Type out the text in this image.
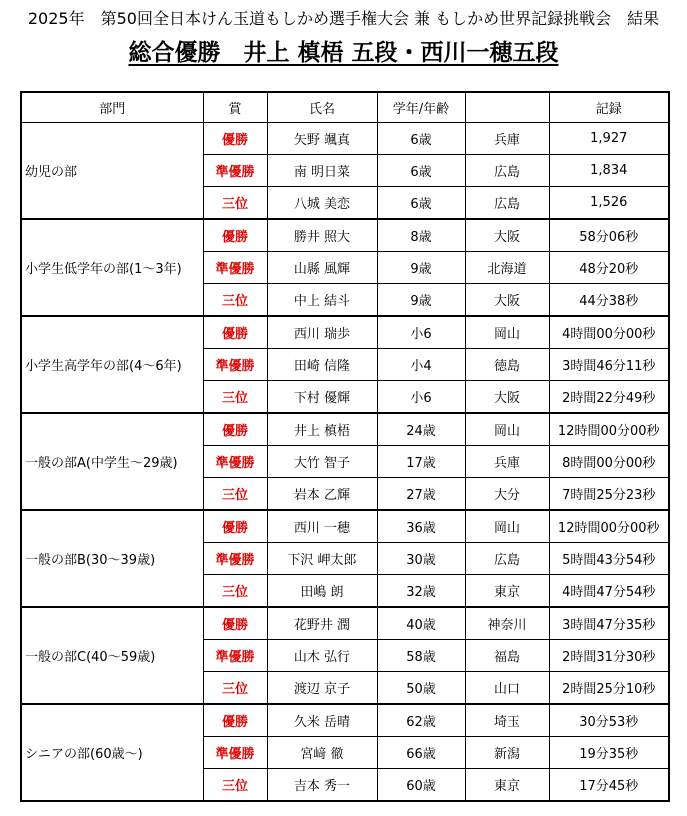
2025年　第50回全日本けん玉道もしかめ選手権大会 兼 もしかめ世界記録挑戦会　結果
総合優勝　井上 槙梧 五段・西川一穂五段
部門	賞	氏名	学年/年齢		記録
幼児の部	優勝	矢野 颯真	6歳	兵庫	1,927
	準優勝	南 明日菜	6歳	広島	1,834
	三位	八城 美恋	6歳	広島	1,526
小学生低学年の部(1～3年)	優勝	勝井 照大	8歳	大阪	58分06秒
	準優勝	山縣 風輝	9歳	北海道	48分20秒
	三位	中上 結斗	9歳	大阪	44分38秒
小学生高学年の部(4～6年)	優勝	西川 瑞歩	小6	岡山	4時間00分00秒
	準優勝	田崎 信隆	小4	徳島	3時間46分11秒
	三位	下村 優輝	小6	大阪	2時間22分49秒
一般の部A(中学生～29歳)	優勝	井上 槙梧	24歳	岡山	12時間00分00秒
	準優勝	大竹 智子	17歳	兵庫	8時間00分00秒
	三位	岩本 乙輝	27歳	大分	7時間25分23秒
一般の部B(30～39歳)	優勝	西川 一穂	36歳	岡山	12時間00分00秒
	準優勝	下沢 岬太郎	30歳	広島	5時間43分54秒
	三位	田嶋 朗	32歳	東京	4時間47分54秒
一般の部C(40～59歳)	優勝	花野井 潤	40歳	神奈川	3時間47分35秒
	準優勝	山木 弘行	58歳	福島	2時間31分30秒
	三位	渡辺 京子	50歳	山口	2時間25分10秒
シニアの部(60歳～)	優勝	久米 岳晴	62歳	埼玉	30分53秒
	準優勝	宮﨑 徹	66歳	新潟	19分35秒
	三位	吉本 秀一	60歳	東京	17分45秒
